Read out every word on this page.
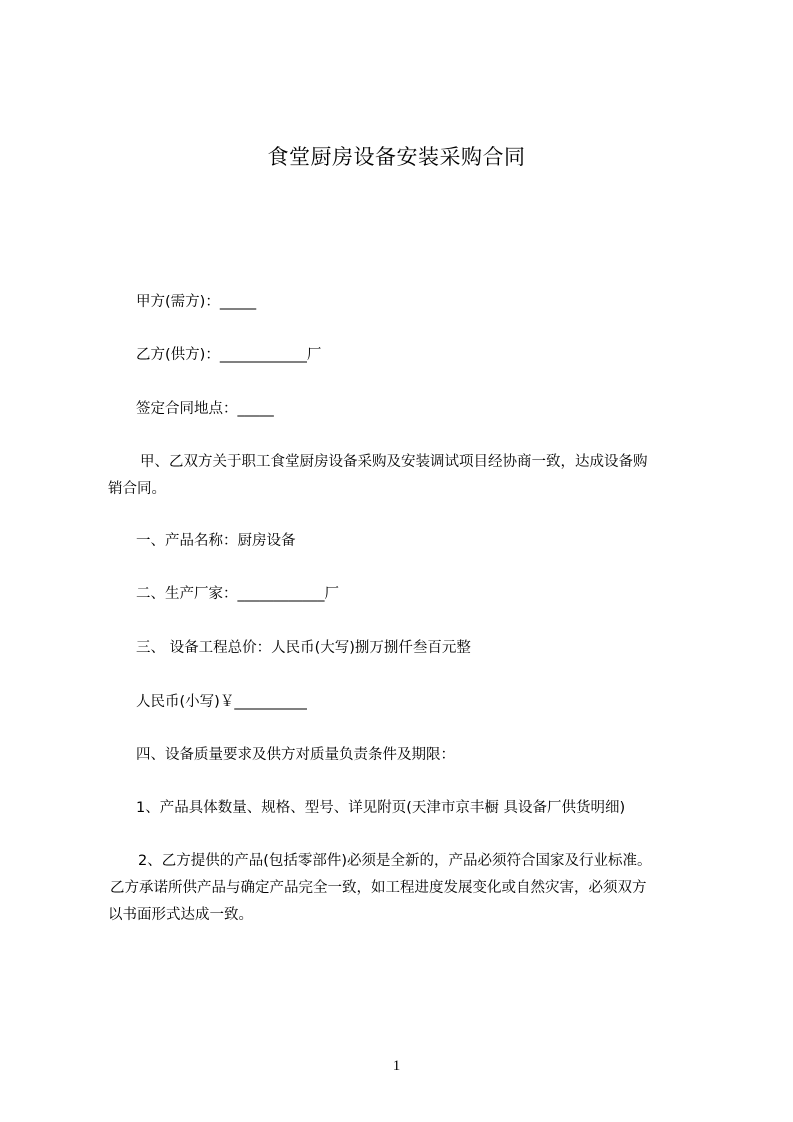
食堂厨房设备安装采购合同
甲方(需方)：_____
乙方(供方)：____________厂
签定合同地点：_____
甲、乙双方关于职工食堂厨房设备采购及安装调试项目经协商一致，达成设备购
销合同。
一、产品名称：厨房设备
二、生产厂家：____________厂
三、 设备工程总价：人民币(大写)捌万捌仟叁百元整
人民币(小写)￥__________
四、设备质量要求及供方对质量负责条件及期限：
1、产品具体数量、规格、型号、详见附页(天津市京丰橱 具设备厂供货明细)
2、乙方提供的产品(包括零部件)必须是全新的，产品必须符合国家及行业标准。
乙方承诺所供产品与确定产品完全一致，如工程进度发展变化或自然灾害，必须双方
以书面形式达成一致。
1
